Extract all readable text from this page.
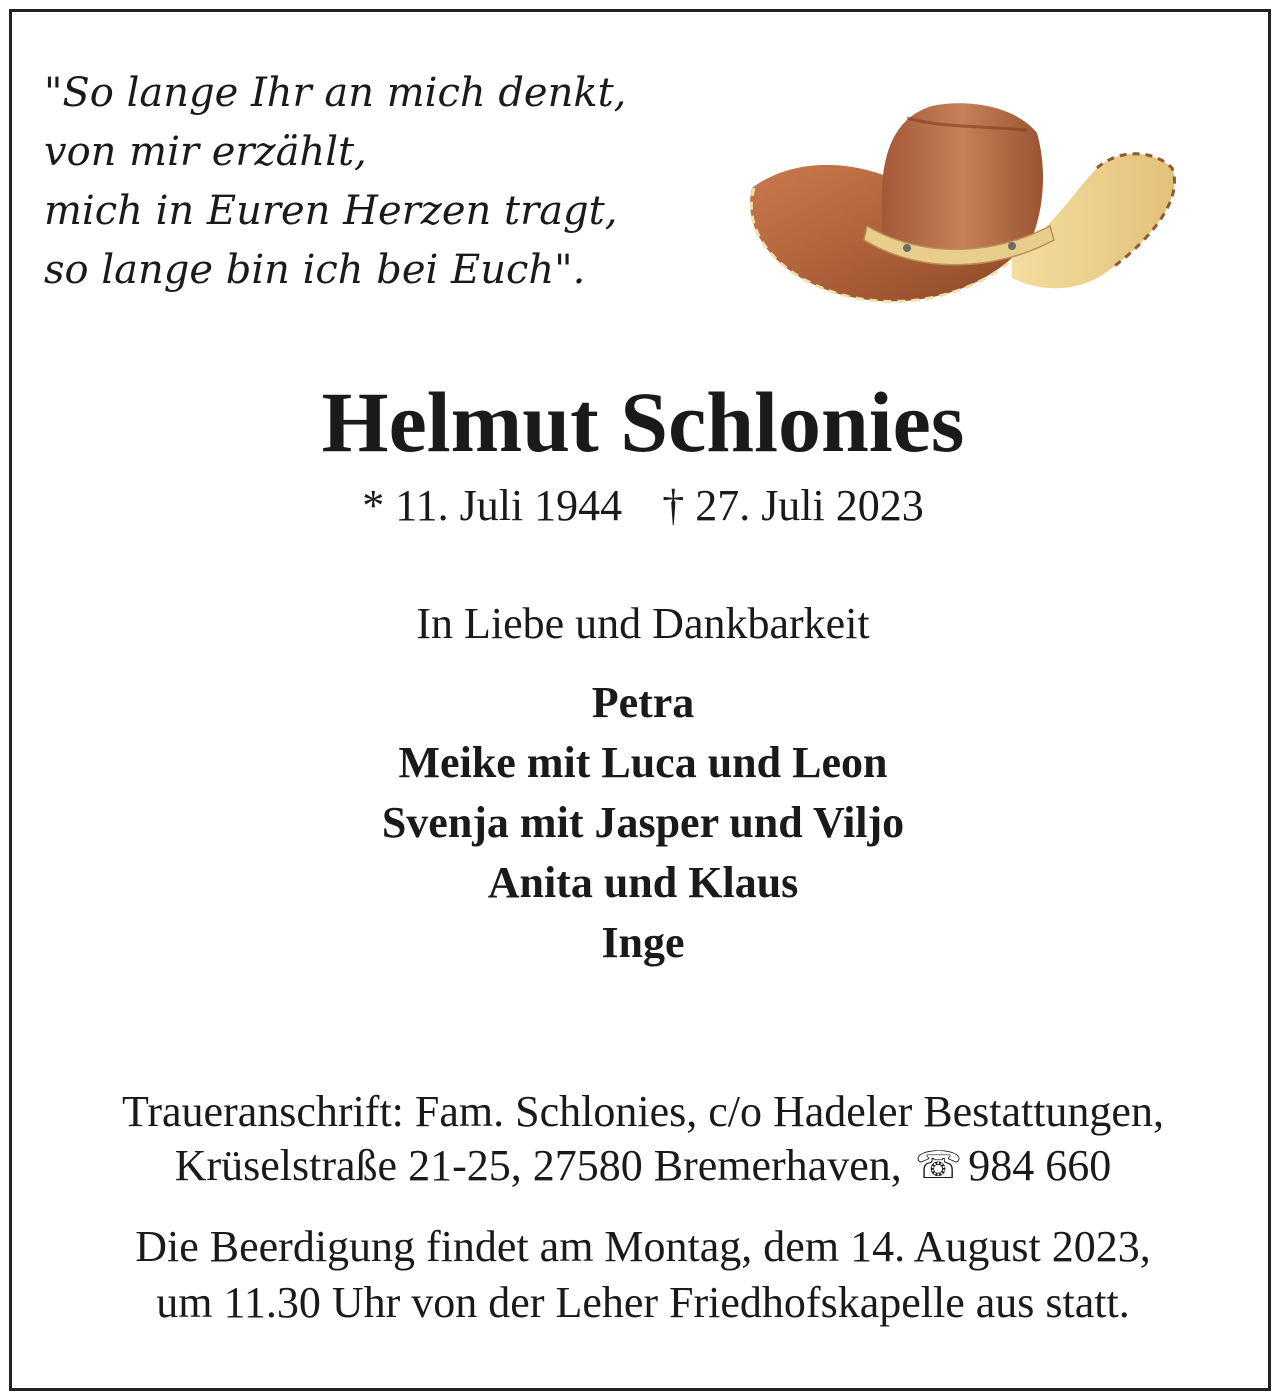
"So lange Ihr an mich denkt,
von mir erzählt,
mich in Euren Herzen tragt,
so lange bin ich bei Euch".
Helmut Schlonies
* 11. Juli 1944 † 27. Juli 2023
In Liebe und Dankbarkeit
Petra
Meike mit Luca und Leon
Svenja mit Jasper und Viljo
Anita und Klaus
Inge
Traueranschrift: Fam. Schlonies, c/o Hadeler Bestattungen,
Krüselstraße 21-25, 27580 Bremerhaven, ☏ 984 660
Die Beerdigung findet am Montag, dem 14. August 2023,
um 11.30 Uhr von der Leher Friedhofskapelle aus statt.
